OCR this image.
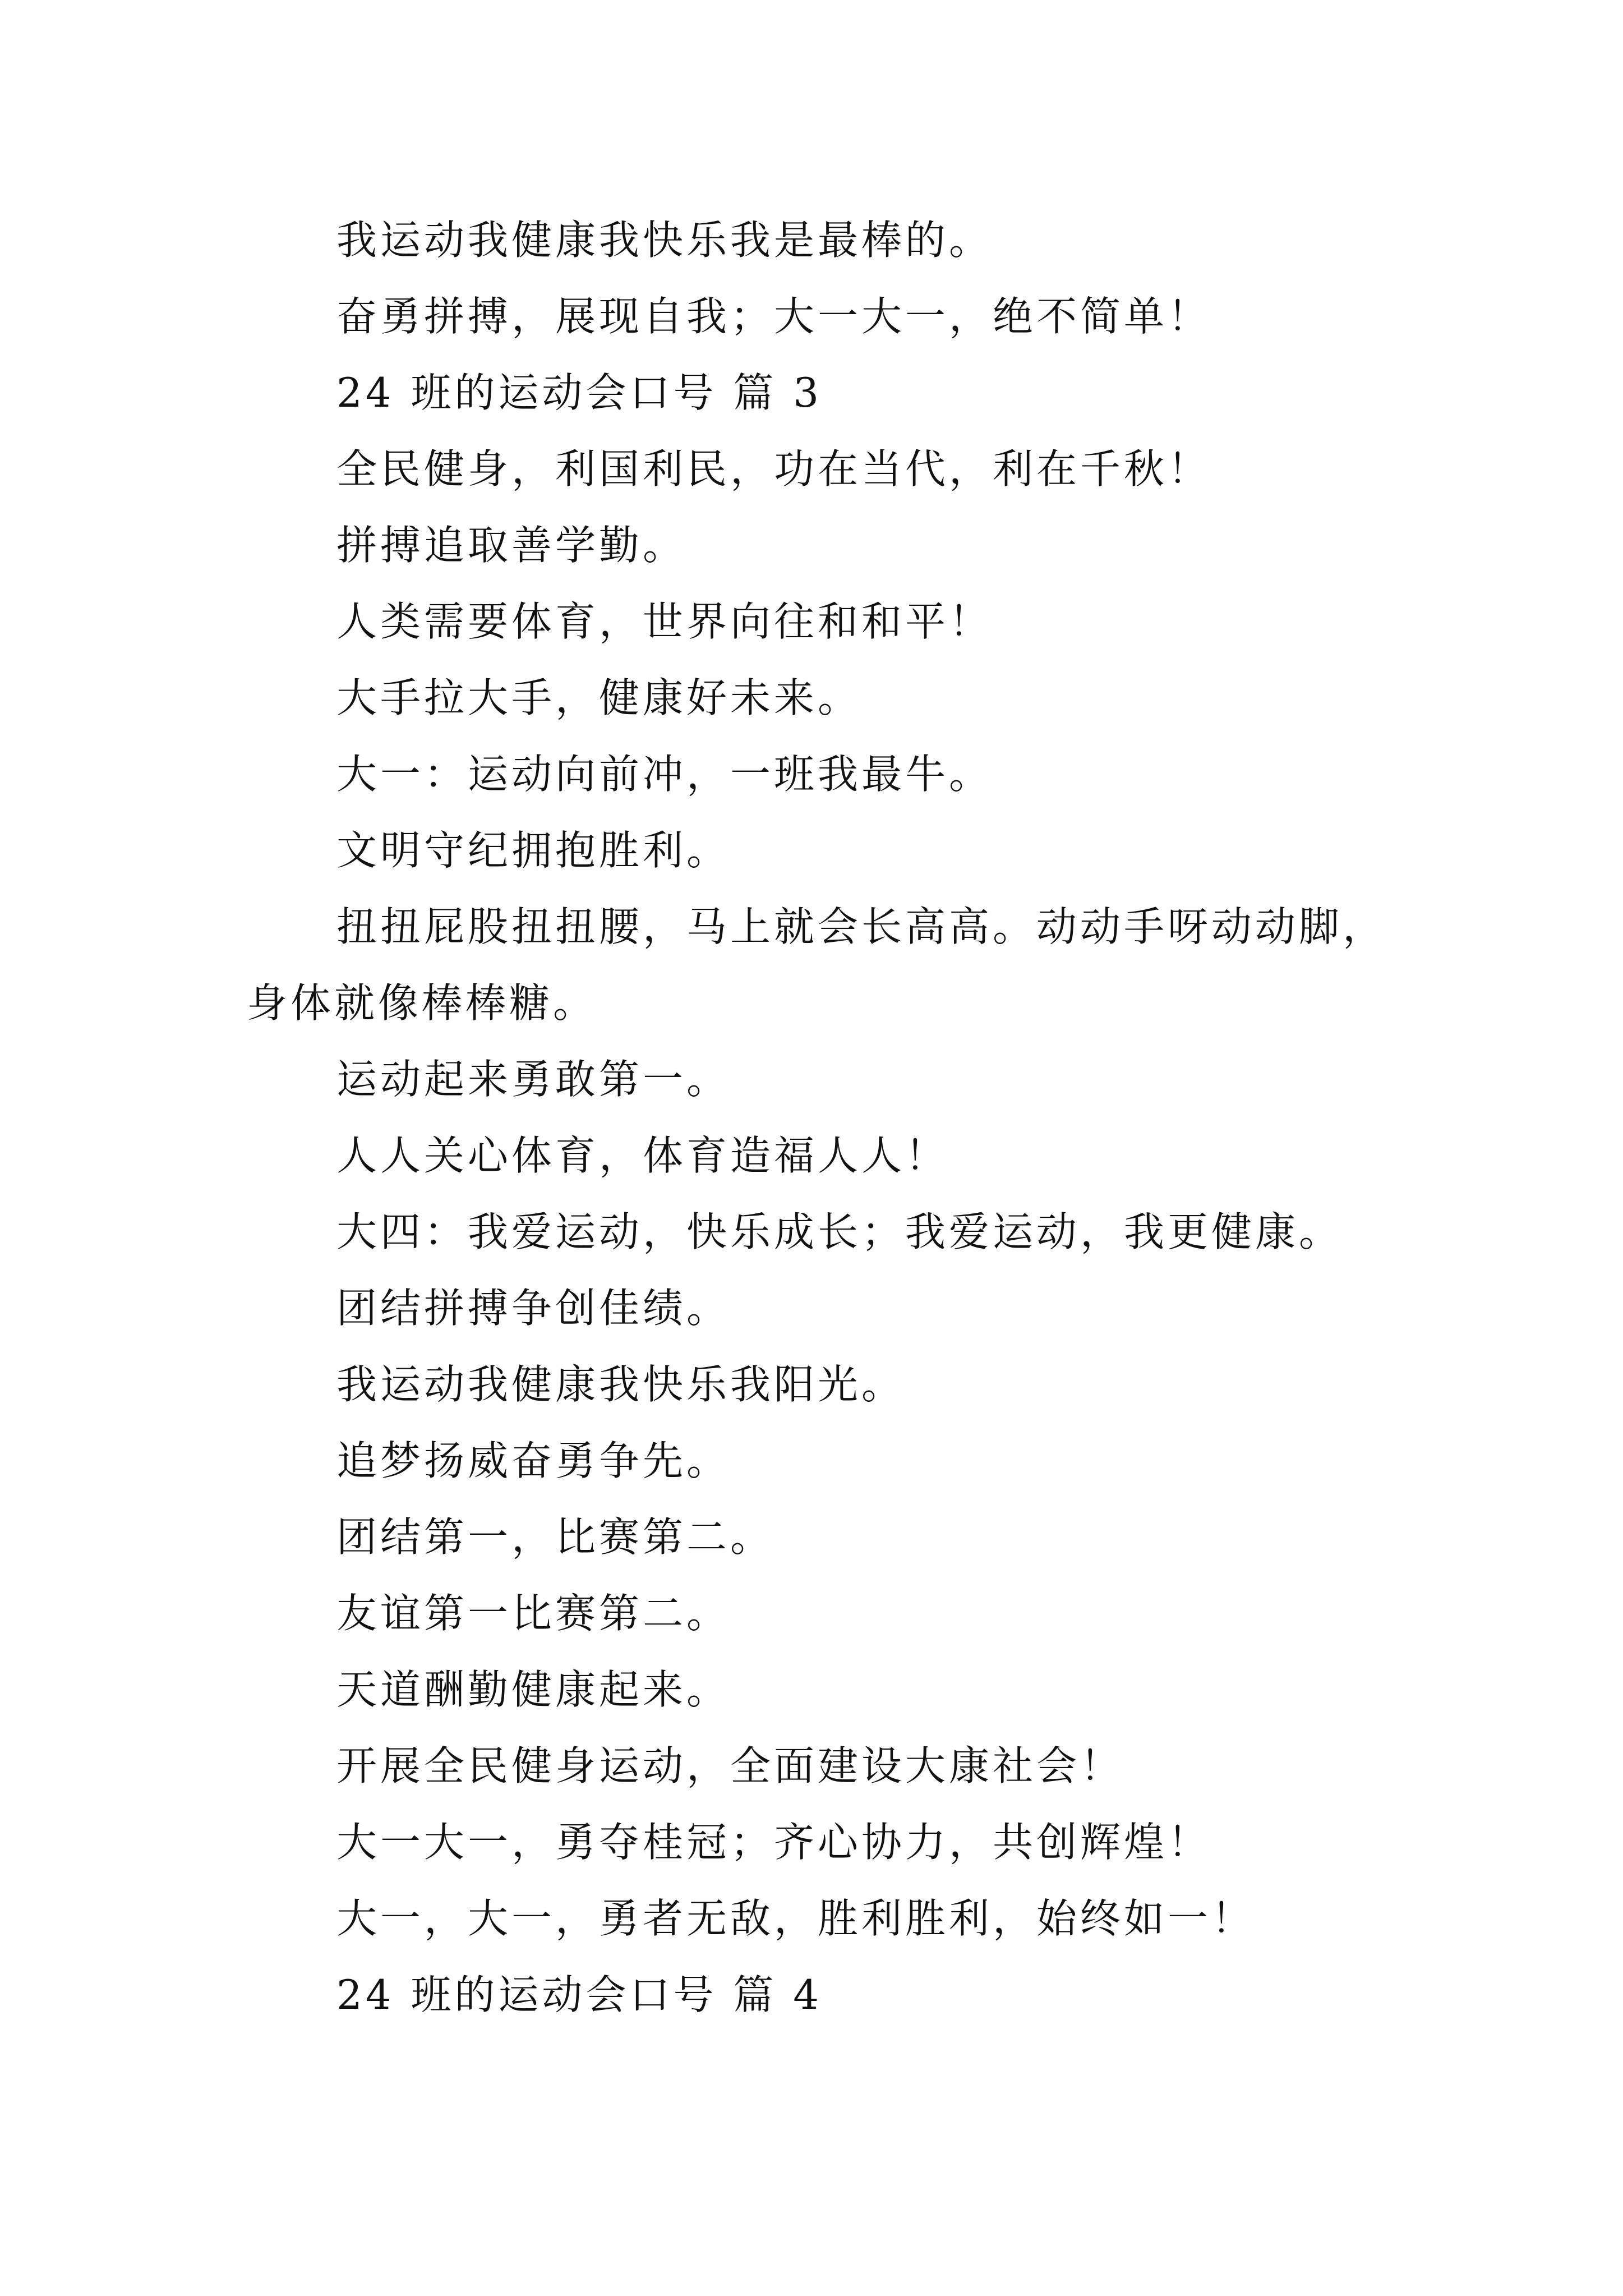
我运动我健康我快乐我是最棒的。
奋勇拼搏，展现自我；大一大一，绝不简单！
24 班的运动会口号 篇 3
全民健身，利国利民，功在当代，利在千秋！
拼搏追取善学勤。
人类需要体育，世界向往和和平！
大手拉大手，健康好未来。
大一：运动向前冲，一班我最牛。
文明守纪拥抱胜利。
扭扭屁股扭扭腰，马上就会长高高。动动手呀动动脚，
身体就像棒棒糖。
运动起来勇敢第一。
人人关心体育，体育造福人人！
大四：我爱运动，快乐成长；我爱运动，我更健康。
团结拼搏争创佳绩。
我运动我健康我快乐我阳光。
追梦扬威奋勇争先。
团结第一，比赛第二。
友谊第一比赛第二。
天道酬勤健康起来。
开展全民健身运动，全面建设大康社会！
大一大一，勇夺桂冠；齐心协力，共创辉煌！
大一，大一，勇者无敌，胜利胜利，始终如一！
24 班的运动会口号 篇 4
